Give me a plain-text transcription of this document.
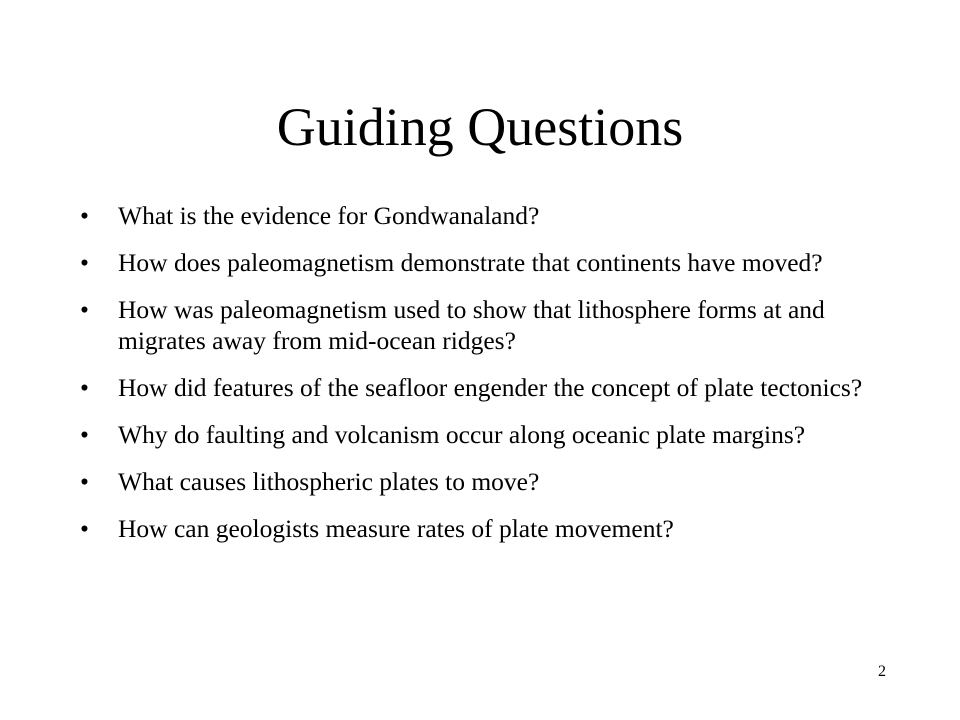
Guiding Questions
•	What is the evidence for Gondwanaland?
•	How does paleomagnetism demonstrate that continents have moved?
•	How was paleomagnetism used to show that lithosphere forms at and migrates away from mid-ocean ridges?
•	How did features of the seafloor engender the concept of plate tectonics?
•	Why do faulting and volcanism occur along oceanic plate margins?
•	What causes lithospheric plates to move?
•	How can geologists measure rates of plate movement?
2
